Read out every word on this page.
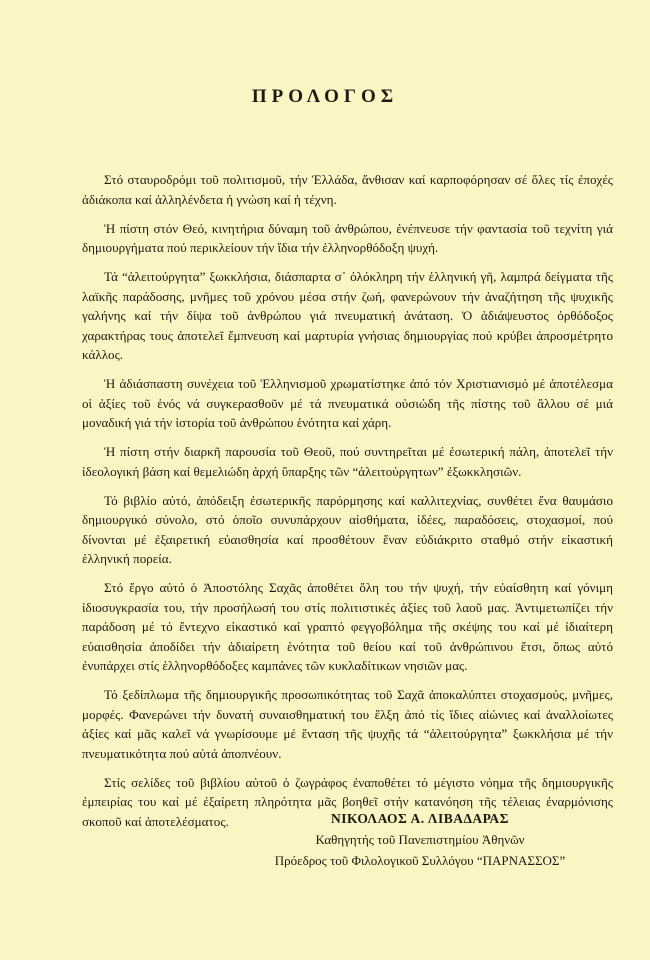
ΠΡΟΛΟΓΟΣ

Στό σταυροδρόμι τοῦ πολιτισμοῦ, τήν Ἑλλάδα, ἄνθισαν καί καρποφόρησαν σέ ὅλες τίς ἐποχές ἀδιάκοπα καί ἀλληλένδετα ἡ γνώση καί ἡ τέχνη.

Ἡ πίστη στόν Θεό, κινητήρια δύναμη τοῦ ἀνθρώπου, ἐνέπνευσε τήν φαντασία τοῦ τεχνίτη γιά δημιουργήματα πού περικλείουν τήν ἴδια τήν ἑλληνορθόδοξη ψυχή.

Τά “ἀλειτούργητα” ξωκκλήσια, διάσπαρτα σ᾽ ὁλόκληρη τήν ἑλληνική γῆ, λαμπρά δείγματα τῆς λαϊκῆς παράδοσης, μνῆμες τοῦ χρόνου μέσα στήν ζωή, φανερώνουν τήν ἀναζήτηση τῆς ψυχικῆς γαλήνης καί τήν δίψα τοῦ ἀνθρώπου γιά πνευματική ἀνάταση. Ὁ ἀδιάψευστος ὀρθόδοξος χαρακτήρας τους ἀποτελεῖ ἔμπνευση καί μαρτυρία γνήσιας δημιουργίας πού κρύβει ἀπροσμέτρητο κάλλος.

Ἡ ἀδιάσπαστη συνέχεια τοῦ Ἑλληνισμοῦ χρωματίστηκε ἀπό τόν Χριστιανισμό μέ ἀποτέλεσμα οἱ ἀξίες τοῦ ἑνός νά συγκερασθοῦν μέ τά πνευματικά οὐσιώδη τῆς πίστης τοῦ ἄλλου σέ μιά μοναδική γιά τήν ἱστορία τοῦ ἀνθρώπου ἑνότητα καί χάρη.

Ἡ πίστη στήν διαρκῆ παρουσία τοῦ Θεοῦ, πού συντηρεῖται μέ ἐσωτερική πάλη, ἀποτελεῖ τήν ἰδεολογική βάση καί θεμελιώδη ἀρχή ὕπαρξης τῶν “ἀλειτούργητων” ἐξωκκλησιῶν.

Τό βιβλίο αὐτό, ἀπόδειξη ἐσωτερικῆς παρόρμησης καί καλλιτεχνίας, συνθέτει ἕνα θαυμάσιο δημιουργικό σύνολο, στό ὁποῖο συνυπάρχουν αἰσθήματα, ἰδέες, παραδόσεις, στοχασμοί, πού δίνονται μέ ἐξαιρετική εὐαισθησία καί προσθέτουν ἕναν εὐδιάκριτο σταθμό στήν εἰκαστική ἑλληνική πορεία.

Στό ἔργο αὐτό ὁ Ἀποστόλης Σαχᾶς ἀποθέτει ὅλη του τήν ψυχή, τήν εὐαίσθητη καί γόνιμη ἰδιοσυγκρασία του, τήν προσήλωσή του στίς πολιτιστικές ἀξίες τοῦ λαοῦ μας. Ἀντιμετωπίζει τήν παράδοση μέ τό ἔντεχνο εἰκαστικό καί γραπτό φεγγοβόλημα τῆς σκέψης του καί μέ ἰδιαίτερη εὐαισθησία ἀποδίδει τήν ἀδιαίρετη ἑνότητα τοῦ θείου καί τοῦ ἀνθρώπινου ἔτσι, ὅπως αὐτό ἐνυπάρχει στίς ἑλληνορθόδοξες καμπάνες τῶν κυκλαδίτικων νησιῶν μας.

Τό ξεδίπλωμα τῆς δημιουργικῆς προσωπικότητας τοῦ Σαχᾶ ἀποκαλύπτει στοχασμούς, μνῆμες, μορφές. Φανερώνει τήν δυνατή συναισθηματική του ἕλξη ἀπό τίς ἴδιες αἰώνιες καί ἀναλλοίωτες ἀξίες καί μᾶς καλεῖ νά γνωρίσουμε μέ ἔνταση τῆς ψυχῆς τά “ἀλειτούργητα” ξωκκλήσια μέ τήν πνευματικότητα πού αὐτά ἀποπνέουν.

Στίς σελίδες τοῦ βιβλίου αὐτοῦ ὁ ζωγράφος ἐναποθέτει τό μέγιστο νόημα τῆς δημιουργικῆς ἐμπειρίας του καί μέ ἐξαίρετη πληρότητα μᾶς βοηθεῖ στήν κατανόηση τῆς τέλειας ἐναρμόνισης σκοποῦ καί ἀποτελέσματος.	ΝΙΚΟΛΑΟΣ Α. ΛΙΒΑΔΑΡΑΣ
Καθηγητής τοῦ Πανεπιστημίου Ἀθηνῶν
Πρόεδρος τοῦ Φιλολογικοῦ Συλλόγου “ΠΑΡΝΑΣΣΟΣ”
